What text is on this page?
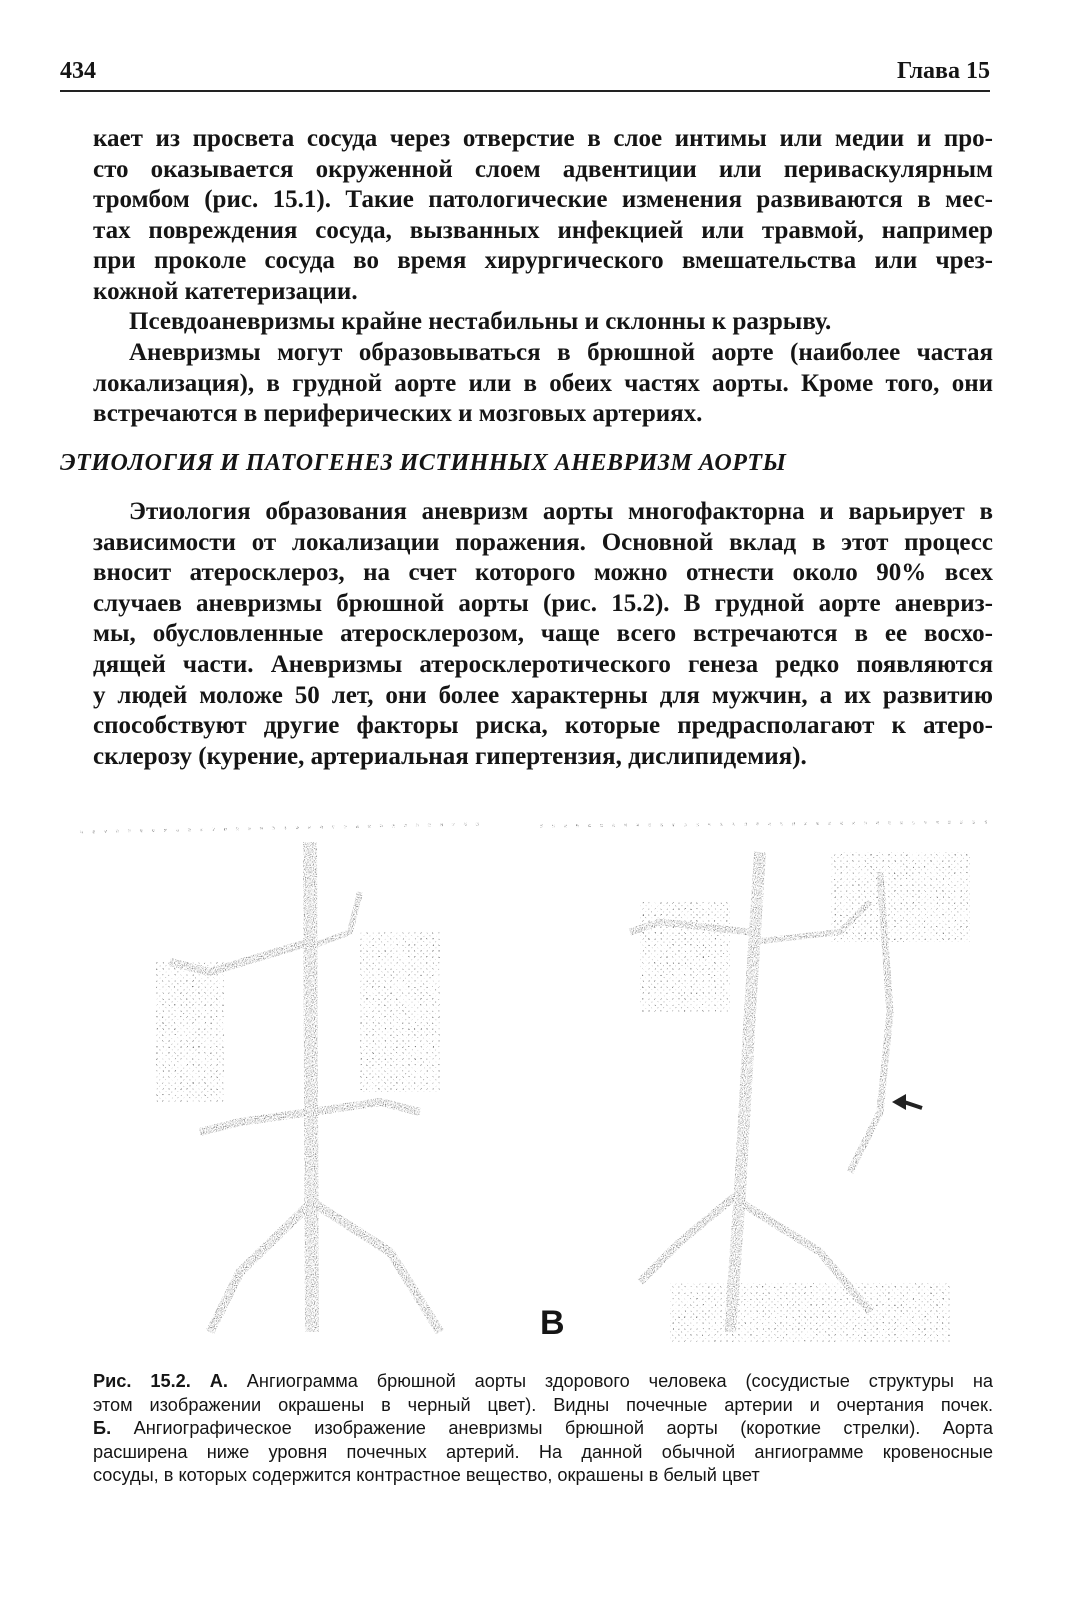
434	Глава 15
кает из просвета сосуда через отверстие в слое интимы или медии и про-
сто оказывается окруженной слоем адвентиции или периваскулярным
тромбом (рис. 15.1). Такие патологические изменения развиваются в мес-
тах повреждения сосуда, вызванных инфекцией или травмой, например
при проколе сосуда во время хирургического вмешательства или чрез-
кожной катетеризации.
Псевдоаневризмы крайне нестабильны и склонны к разрыву.
Аневризмы могут образовываться в брюшной аорте (наиболее частая
локализация), в грудной аорте или в обеих частях аорты. Кроме того, они
встречаются в периферических и мозговых артериях.
ЭТИОЛОГИЯ И ПАТОГЕНЕЗ ИСТИННЫХ АНЕВРИЗМ АОРТЫ
Этиология образования аневризм аорты многофакторна и варьирует в
зависимости от локализации поражения. Основной вклад в этот процесс
вносит атеросклероз, на счет которого можно отнести около 90% всех
случаев аневризмы брюшной аорты (рис. 15.2). В грудной аорте аневриз-
мы, обусловленные атеросклерозом, чаще всего встречаются в ее восхо-
дящей части. Аневризмы атеросклеротического генеза редко появляются
у людей моложе 50 лет, они более характерны для мужчин, а их развитию
способствуют другие факторы риска, которые предрасполагают к атеро-
склерозу (курение, артериальная гипертензия, дислипидемия).
В
Рис. 15.2. А. Ангиограмма брюшной аорты здорового человека (сосудистые структуры на
этом изображении окрашены в черный цвет). Видны почечные артерии и очертания почек.
Б. Ангиографическое изображение аневризмы брюшной аорты (короткие стрелки). Аорта
расширена ниже уровня почечных артерий. На данной обычной ангиограмме кровеносные
сосуды, в которых содержится контрастное вещество, окрашены в белый цвет
